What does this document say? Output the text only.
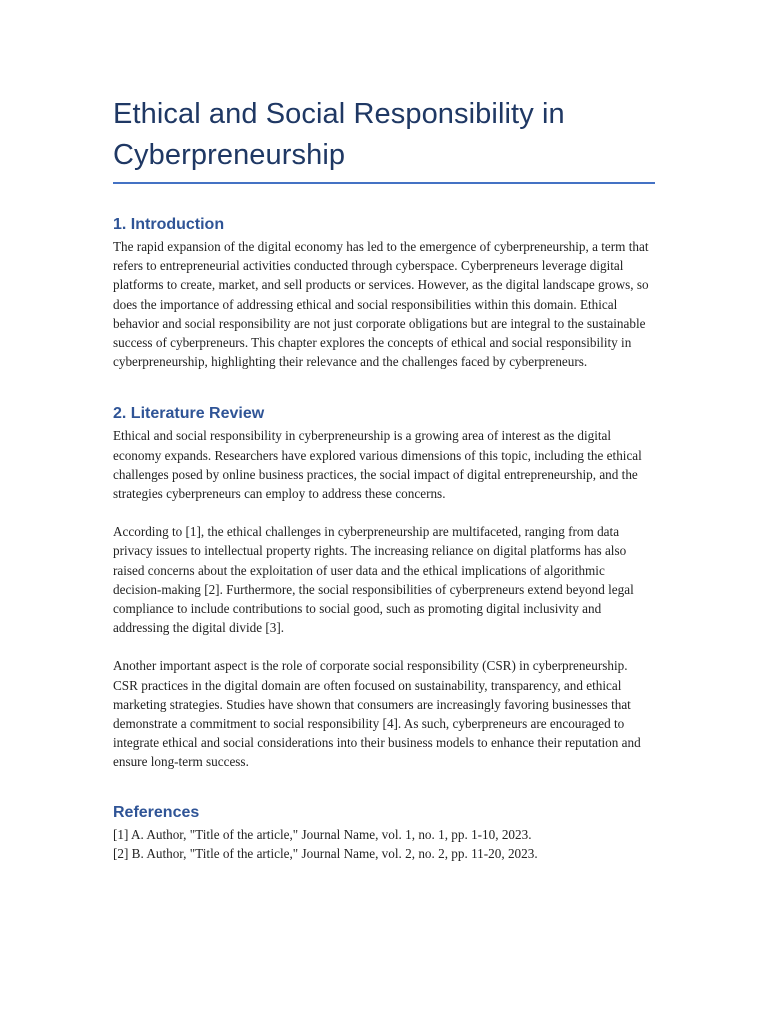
Ethical and Social Responsibility in Cyberpreneurship
1. Introduction

The rapid expansion of the digital economy has led to the emergence of cyberpreneurship, a term that refers to entrepreneurial activities conducted through cyberspace. Cyberpreneurs leverage digital platforms to create, market, and sell products or services. However, as the digital landscape grows, so does the importance of addressing ethical and social responsibilities within this domain. Ethical behavior and social responsibility are not just corporate obligations but are integral to the sustainable success of cyberpreneurs. This chapter explores the concepts of ethical and social responsibility in cyberpreneurship, highlighting their relevance and the challenges faced by cyberpreneurs.

2. Literature Review

Ethical and social responsibility in cyberpreneurship is a growing area of interest as the digital economy expands. Researchers have explored various dimensions of this topic, including the ethical challenges posed by online business practices, the social impact of digital entrepreneurship, and the strategies cyberpreneurs can employ to address these concerns.

According to [1], the ethical challenges in cyberpreneurship are multifaceted, ranging from data privacy issues to intellectual property rights. The increasing reliance on digital platforms has also raised concerns about the exploitation of user data and the ethical implications of algorithmic decision-making [2]. Furthermore, the social responsibilities of cyberpreneurs extend beyond legal compliance to include contributions to social good, such as promoting digital inclusivity and addressing the digital divide [3].

Another important aspect is the role of corporate social responsibility (CSR) in cyberpreneurship. CSR practices in the digital domain are often focused on sustainability, transparency, and ethical marketing strategies. Studies have shown that consumers are increasingly favoring businesses that demonstrate a commitment to social responsibility [4]. As such, cyberpreneurs are encouraged to integrate ethical and social considerations into their business models to enhance their reputation and ensure long-term success.

References
[1] A. Author, "Title of the article," Journal Name, vol. 1, no. 1, pp. 1-10, 2023.
[2] B. Author, "Title of the article," Journal Name, vol. 2, no. 2, pp. 11-20, 2023.
